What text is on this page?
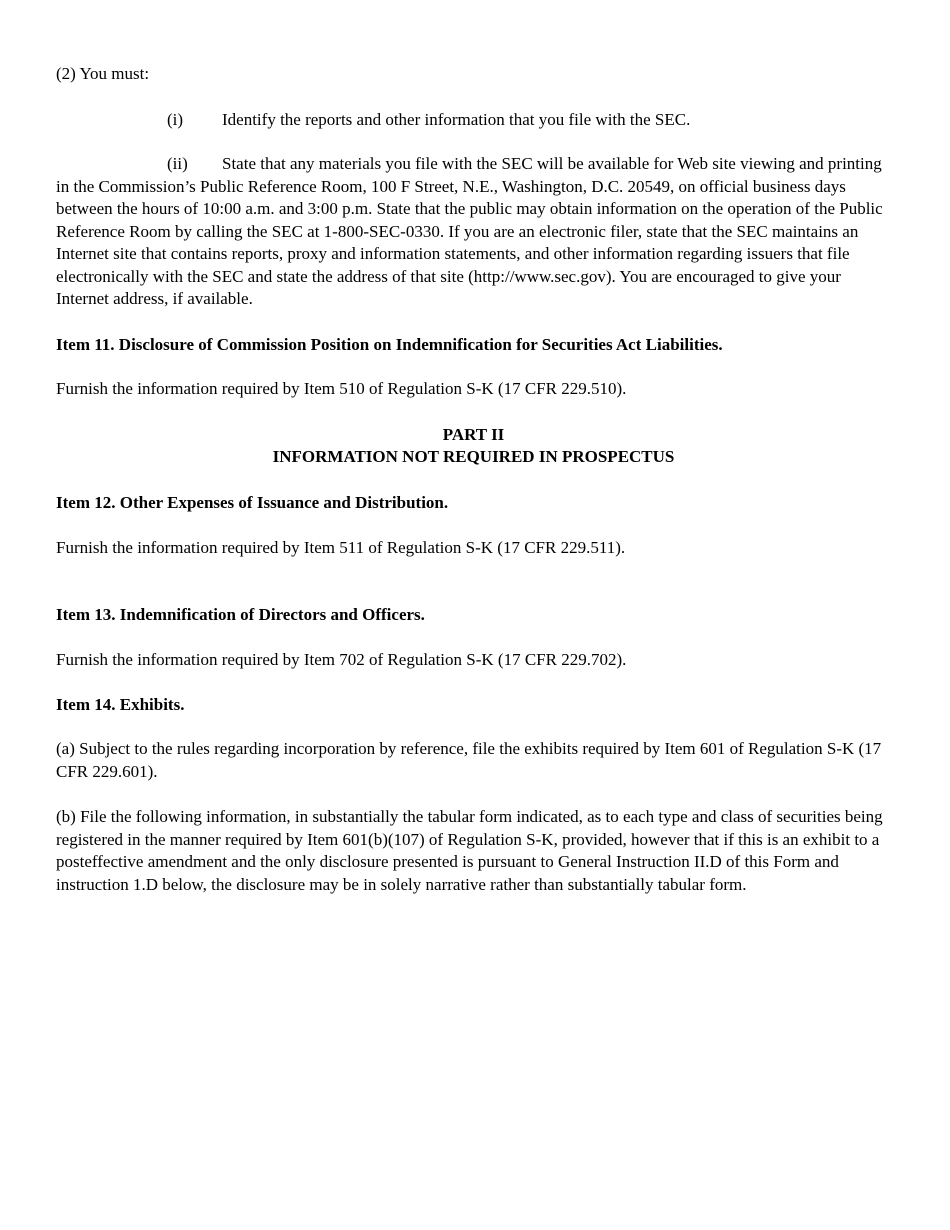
(2) You must:

(i) Identify the reports and other information that you file with the SEC.

(ii) State that any materials you file with the SEC will be available for Web site viewing and printing in the Commission’s Public Reference Room, 100 F Street, N.E., Washington, D.C. 20549, on official business days between the hours of 10:00 a.m. and 3:00 p.m. State that the public may obtain information on the operation of the Public Reference Room by calling the SEC at 1-800-SEC-0330. If you are an electronic filer, state that the SEC maintains an Internet site that contains reports, proxy and information statements, and other information regarding issuers that file electronically with the SEC and state the address of that site (http://www.sec.gov). You are encouraged to give your Internet address, if available.

Item 11. Disclosure of Commission Position on Indemnification for Securities Act Liabilities.

Furnish the information required by Item 510 of Regulation S-K (17 CFR 229.510).

PART II

INFORMATION NOT REQUIRED IN PROSPECTUS

Item 12. Other Expenses of Issuance and Distribution.

Furnish the information required by Item 511 of Regulation S-K (17 CFR 229.511).

Item 13. Indemnification of Directors and Officers.

Furnish the information required by Item 702 of Regulation S-K (17 CFR 229.702).

Item 14. Exhibits.

(a) Subject to the rules regarding incorporation by reference, file the exhibits required by Item 601 of Regulation S-K (17 CFR 229.601).

(b) File the following information, in substantially the tabular form indicated, as to each type and class of securities being registered in the manner required by Item 601(b)(107) of Regulation S-K, provided, however that if this is an exhibit to a posteffective amendment and the only disclosure presented is pursuant to General Instruction II.D of this Form and instruction 1.D below, the disclosure may be in solely narrative rather than substantially tabular form.
